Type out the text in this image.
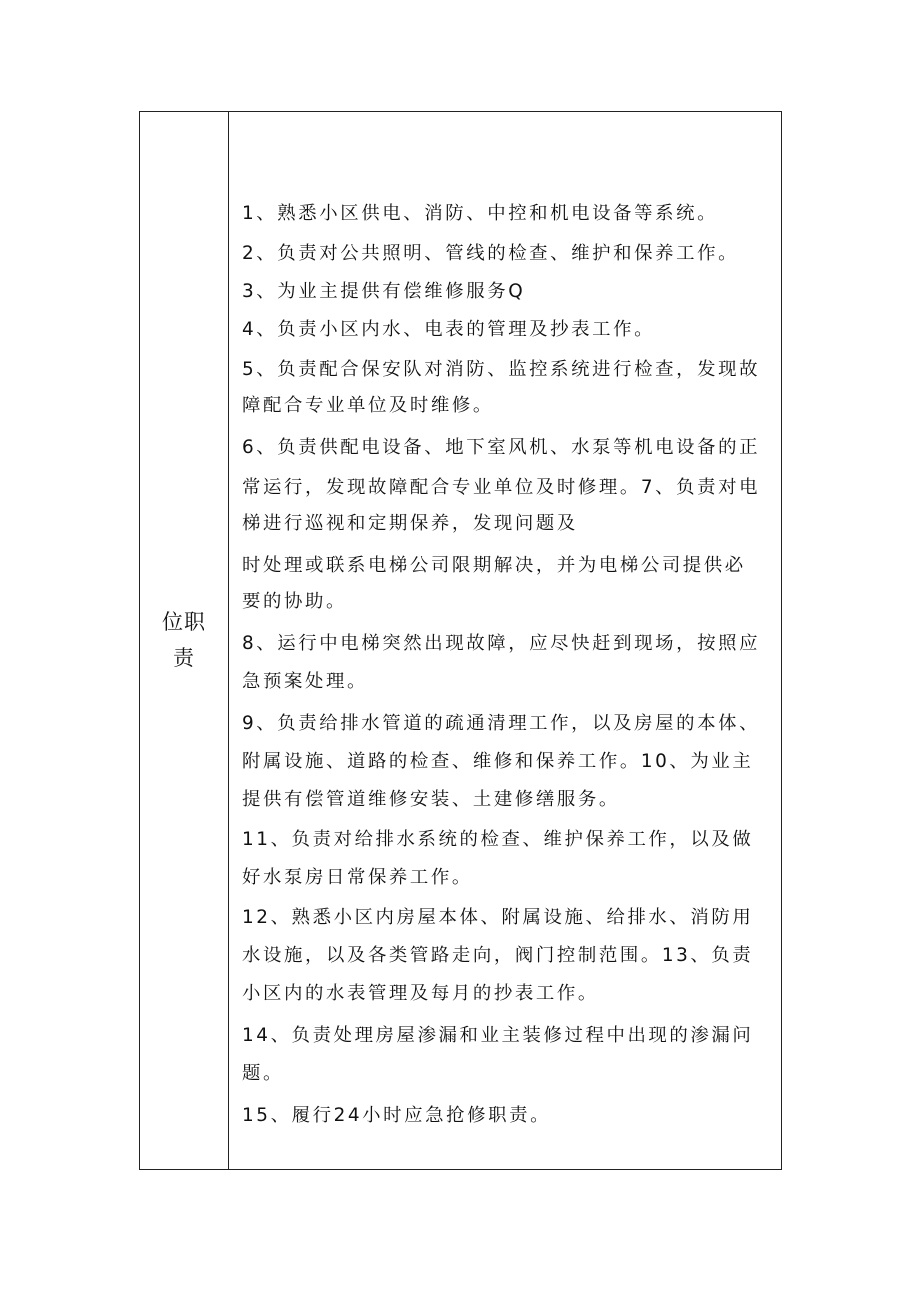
位职
责
1、熟悉小区供电、消防、中控和机电设备等系统。
2、负责对公共照明、管线的检查、维护和保养工作。
3、为业主提供有偿维修服务Q
4、负责小区内水、电表的管理及抄表工作。
5、负责配合保安队对消防、监控系统进行检查，发现故
障配合专业单位及时维修。
6、负责供配电设备、地下室风机、水泵等机电设备的正
常运行，发现故障配合专业单位及时修理。7、负责对电
梯进行巡视和定期保养，发现问题及
时处理或联系电梯公司限期解决，并为电梯公司提供必
要的协助。
8、运行中电梯突然出现故障，应尽快赶到现场，按照应
急预案处理。
9、负责给排水管道的疏通清理工作，以及房屋的本体、
附属设施、道路的检查、维修和保养工作。10、为业主
提供有偿管道维修安装、土建修缮服务。
11、负责对给排水系统的检查、维护保养工作，以及做
好水泵房日常保养工作。
12、熟悉小区内房屋本体、附属设施、给排水、消防用
水设施，以及各类管路走向，阀门控制范围。13、负责
小区内的水表管理及每月的抄表工作。
14、负责处理房屋渗漏和业主装修过程中出现的渗漏问
题。
15、履行24小时应急抢修职责。
